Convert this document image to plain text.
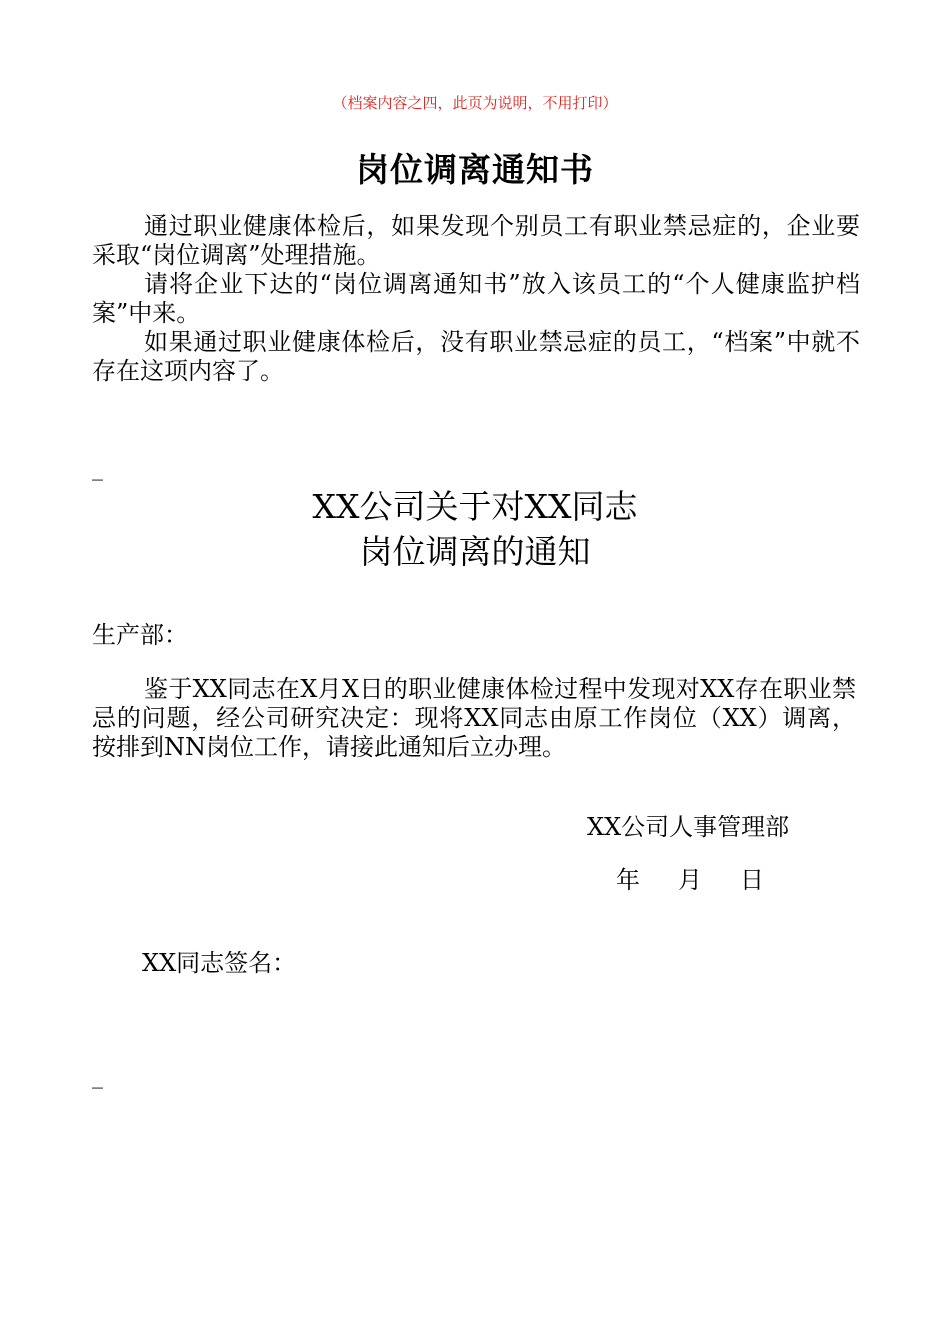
（档案内容之四，此页为说明，不用打印）
岗位调离通知书

通过职业健康体检后，如果发现个别员工有职业禁忌症的，企业要采取“岗位调离”处理措施。

请将企业下达的“岗位调离通知书”放入该员工的“个人健康监护档案”中来。

如果通过职业健康体检后，没有职业禁忌症的员工，“档案”中就不存在这项内容了。

_
XX公司关于对XX同志
岗位调离的通知
生产部：

鉴于XX同志在X月X日的职业健康体检过程中发现对XX存在职业禁忌的问题，经公司研究决定：现将XX同志由原工作岗位（XX）调离，按排到NN岗位工作，请接此通知后立办理。

XX公司人事管理部
年 月 日
XX同志签名：
_
